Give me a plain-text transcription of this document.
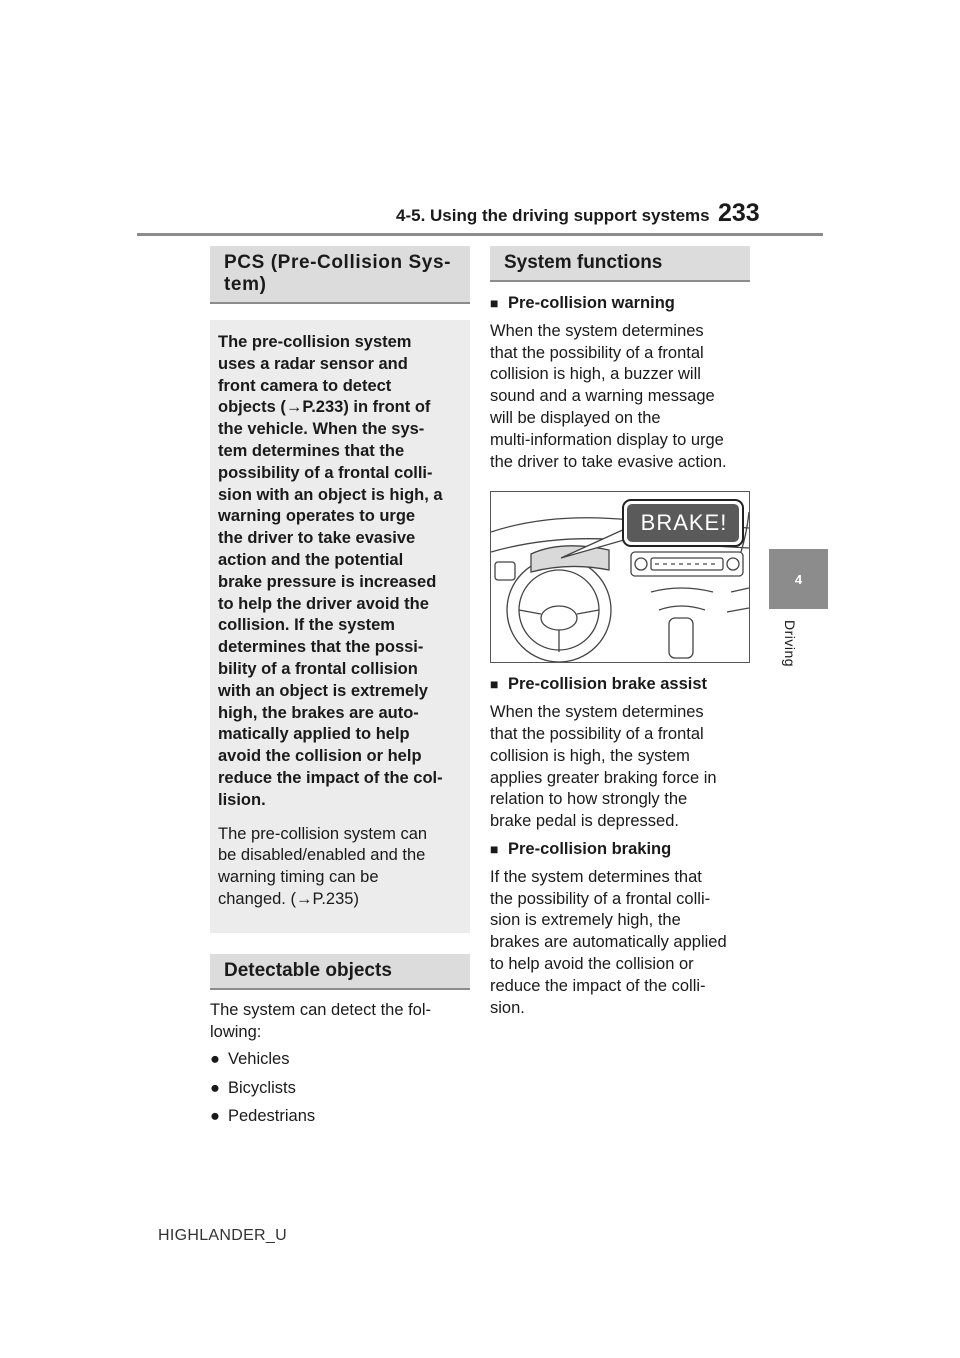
4-5. Using the driving support systems 233
4
Driving
PCS (Pre-Collision Sys-
tem)
The pre-collision system
uses a radar sensor and
front camera to detect
objects (→P.233) in front of
the vehicle. When the sys-
tem determines that the
possibility of a frontal colli-
sion with an object is high, a
warning operates to urge
the driver to take evasive
action and the potential
brake pressure is increased
to help the driver avoid the
collision. If the system
determines that the possi-
bility of a frontal collision
with an object is extremely
high, the brakes are auto-
matically applied to help
avoid the collision or help
reduce the impact of the col-
lision.
The pre-collision system can
be disabled/enabled and the
warning timing can be
changed. (→P.235)
Detectable objects

The system can detect the fol-

lowing:

● Vehicles
● Bicyclists
● Pedestrians
System functions
■ Pre-collision warning

When the system determines

that the possibility of a frontal

collision is high, a buzzer will

sound and a warning message

will be displayed on the

multi-information display to urge

the driver to take evasive action.

BRAKE!
■ Pre-collision brake assist

When the system determines

that the possibility of a frontal

collision is high, the system

applies greater braking force in

relation to how strongly the

brake pedal is depressed.

■ Pre-collision braking

If the system determines that

the possibility of a frontal colli-

sion is extremely high, the

brakes are automatically applied

to help avoid the collision or

reduce the impact of the colli-

sion.

HIGHLANDER_U
